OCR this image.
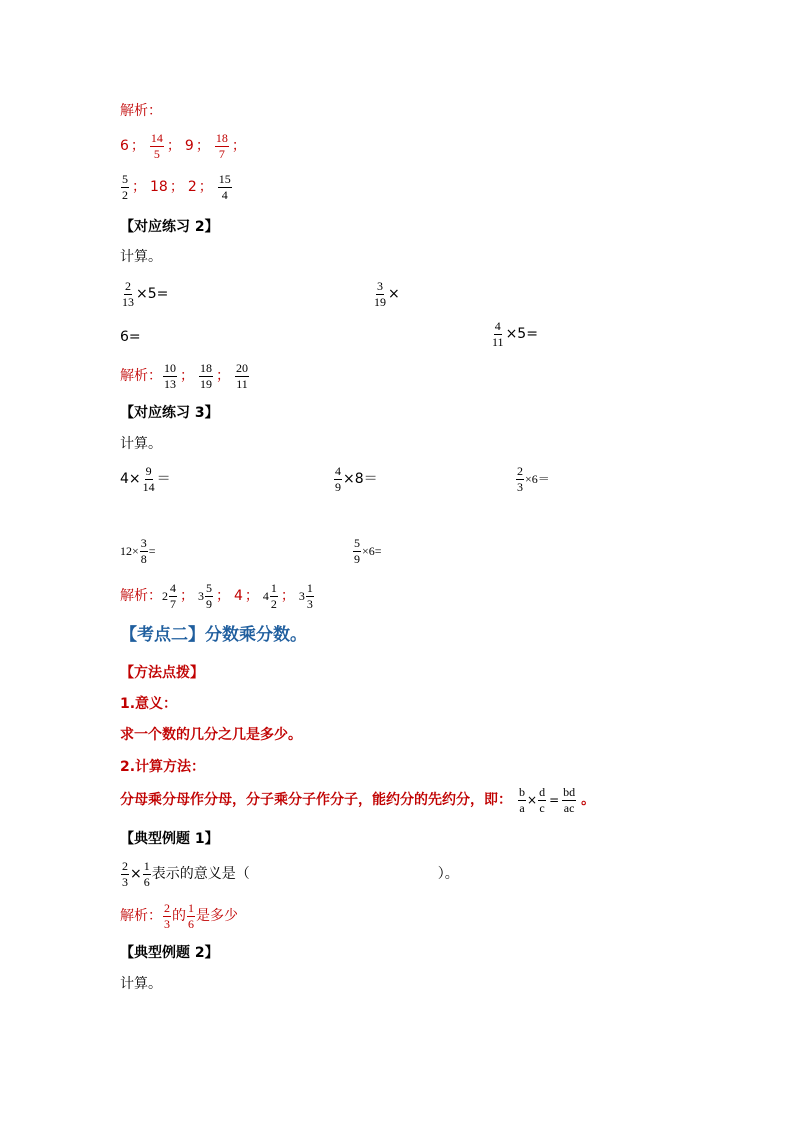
解析：
6 ； $\frac{14}{5}$ ； 9 ； $\frac{18}{7}$ ；
$\frac{5}{2}$ ； 18 ； 2 ； $\frac{15}{4}$
【对应练习 2】
计算。
$\frac{2}{13} \times 5=$	$\frac{3}{19}$ ×
6=	$\frac{4}{11} \times 5=$
解析： $\frac{10}{13}$ ； $\frac{18}{19}$ ； $\frac{20}{11}$
【对应练习 3】
计算。
$4\times \frac{9}{14}$ ＝	$\frac{4}{9} \times 8=$	$\frac{2}{3} \times 6=$
$12\times \frac{3}{8}$ =	$\frac{5}{9} \times 6=$
解析： $2 \frac{4}{7}$ ； $3 \frac{5}{9}$ ； 4 ； $4 \frac{1}{2}$ ； $3 \frac{1}{3}$
【考点二】分数乘分数。
【方法点拨】
1.意义：
求一个数的几分之几是多少。
2.计算方法：
分母乘分母作分母，分子乘分子作分子，能约分的先约分，即： $\frac{b}{a} \times \frac{d}{c} = \frac{bd}{ac}$ 。
【典型例题 1】
$\frac{2}{3} \times \frac{1}{6}$ 表示的意义是（	）。
解析： $\frac{2}{3}$ 的 $\frac{1}{6}$ 是多少
【典型例题 2】
计算。
